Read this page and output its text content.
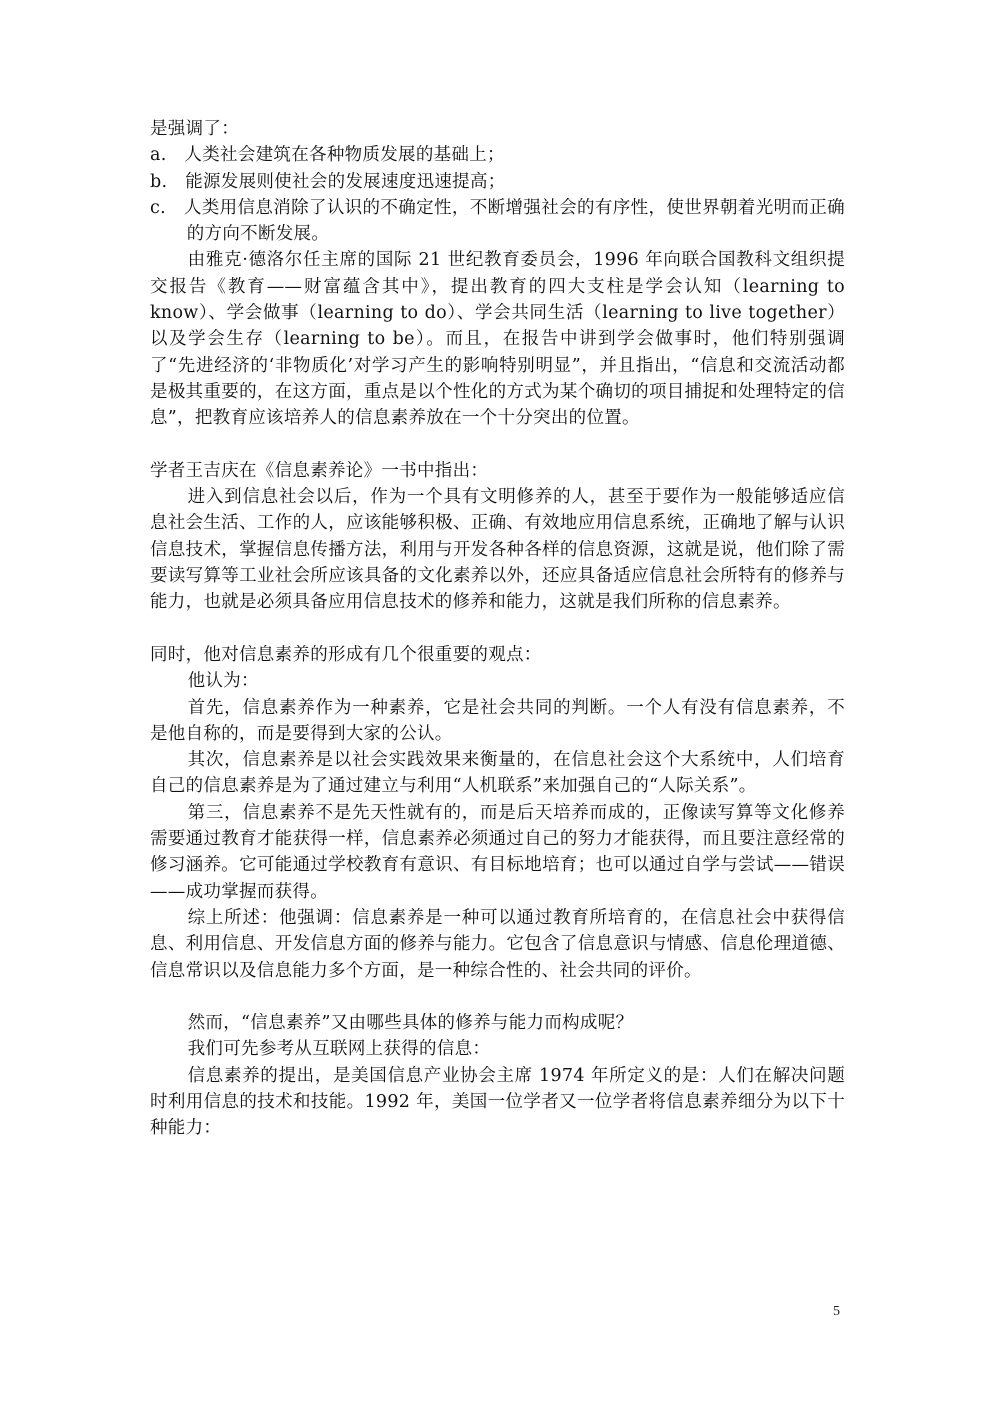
是强调了：

a.  人类社会建筑在各种物质发展的基础上；

b.  能源发展则使社会的发展速度迅速提高；

c.  人类用信息消除了认识的不确定性，不断增强社会的有序性，使世界朝着光明而正确的方向不断发展。

由雅克·德洛尔任主席的国际 21 世纪教育委员会，1996 年向联合国教科文组织提交报告《教育——财富蕴含其中》，提出教育的四大支柱是学会认知（learning to know）、学会做事（learning to do）、学会共同生活（learning to live together）以及学会生存（learning to be）。而且，在报告中讲到学会做事时，他们特别强调了“先进经济的‘非物质化’对学习产生的影响特别明显”，并且指出，“信息和交流活动都是极其重要的，在这方面，重点是以个性化的方式为某个确切的项目捕捉和处理特定的信息”，把教育应该培养人的信息素养放在一个十分突出的位置。

学者王吉庆在《信息素养论》一书中指出：

进入到信息社会以后，作为一个具有文明修养的人，甚至于要作为一般能够适应信息社会生活、工作的人，应该能够积极、正确、有效地应用信息系统，正确地了解与认识信息技术，掌握信息传播方法，利用与开发各种各样的信息资源，这就是说，他们除了需要读写算等工业社会所应该具备的文化素养以外，还应具备适应信息社会所特有的修养与能力，也就是必须具备应用信息技术的修养和能力，这就是我们所称的信息素养。

同时，他对信息素养的形成有几个很重要的观点：

他认为：

首先，信息素养作为一种素养，它是社会共同的判断。一个人有没有信息素养，不是他自称的，而是要得到大家的公认。

其次，信息素养是以社会实践效果来衡量的，在信息社会这个大系统中，人们培育自己的信息素养是为了通过建立与利用“人机联系”来加强自己的“人际关系”。

第三，信息素养不是先天性就有的，而是后天培养而成的，正像读写算等文化修养需要通过教育才能获得一样，信息素养必须通过自己的努力才能获得，而且要注意经常的修习涵养。它可能通过学校教育有意识、有目标地培育；也可以通过自学与尝试——错误——成功掌握而获得。

综上所述：他强调：信息素养是一种可以通过教育所培育的，在信息社会中获得信息、利用信息、开发信息方面的修养与能力。它包含了信息意识与情感、信息伦理道德、信息常识以及信息能力多个方面，是一种综合性的、社会共同的评价。

然而，“信息素养”又由哪些具体的修养与能力而构成呢？

我们可先参考从互联网上获得的信息：

信息素养的提出，是美国信息产业协会主席 1974 年所定义的是：人们在解决问题时利用信息的技术和技能。1992 年，美国一位学者又一位学者将信息素养细分为以下十种能力：

5
